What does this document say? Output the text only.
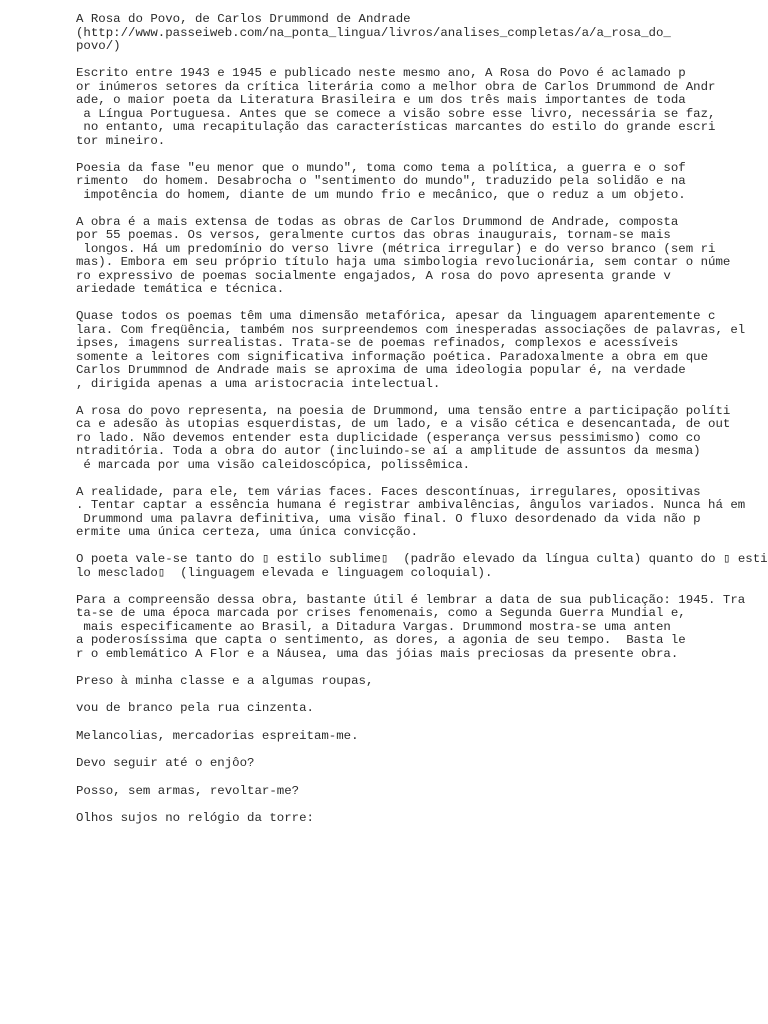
A Rosa do Povo, de Carlos Drummond de Andrade
(http://www.passeiweb.com/na_ponta_lingua/livros/analises_completas/a/a_rosa_do_
povo/)
Escrito entre 1943 e 1945 e publicado neste mesmo ano, A Rosa do Povo é aclamado p
or inúmeros setores da crítica literária como a melhor obra de Carlos Drummond de Andr
ade, o maior poeta da Literatura Brasileira e um dos três mais importantes de toda
a Língua Portuguesa. Antes que se comece a visão sobre esse livro, necessária se faz,
no entanto, uma recapitulação das características marcantes do estilo do grande escri
tor mineiro.
Poesia da fase "eu menor que o mundo", toma como tema a política, a guerra e o sof
rimento  do homem. Desabrocha o "sentimento do mundo", traduzido pela solidão e na
impotência do homem, diante de um mundo frio e mecânico, que o reduz a um objeto.
A obra é a mais extensa de todas as obras de Carlos Drummond de Andrade, composta
por 55 poemas. Os versos, geralmente curtos das obras inaugurais, tornam-se mais
longos. Há um predomínio do verso livre (métrica irregular) e do verso branco (sem ri
mas). Embora em seu próprio título haja uma simbologia revolucionária, sem contar o núme
ro expressivo de poemas socialmente engajados, A rosa do povo apresenta grande v
ariedade temática e técnica.
Quase todos os poemas têm uma dimensão metafórica, apesar da linguagem aparentemente c
lara. Com freqüência, também nos surpreendemos com inesperadas associações de palavras, el
ipses, imagens surrealistas. Trata-se de poemas refinados, complexos e acessíveis
somente a leitores com significativa informação poética. Paradoxalmente a obra em que
Carlos Drummnod de Andrade mais se aproxima de uma ideologia popular é, na verdade
, dirigida apenas a uma aristocracia intelectual.
A rosa do povo representa, na poesia de Drummond, uma tensão entre a participação políti
ca e adesão às utopias esquerdistas, de um lado, e a visão cética e desencantada, de out
ro lado. Não devemos entender esta duplicidade (esperança versus pessimismo) como co
ntraditória. Toda a obra do autor (incluindo-se aí a amplitude de assuntos da mesma)
é marcada por uma visão caleidoscópica, polissêmica.
A realidade, para ele, tem várias faces. Faces descontínuas, irregulares, opositivas
. Tentar captar a essência humana é registrar ambivalências, ângulos variados. Nunca há em
Drummond uma palavra definitiva, uma visão final. O fluxo desordenado da vida não p
ermite uma única certeza, uma única convicção.
O poeta vale-se tanto do ▯ estilo sublime▯  (padrão elevado da língua culta) quanto do ▯ esti
lo mesclado▯  (linguagem elevada e linguagem coloquial).
Para a compreensão dessa obra, bastante útil é lembrar a data de sua publicação: 1945. Tra
ta-se de uma época marcada por crises fenomenais, como a Segunda Guerra Mundial e,
mais especificamente ao Brasil, a Ditadura Vargas. Drummond mostra-se uma anten
a poderosíssima que capta o sentimento, as dores, a agonia de seu tempo.  Basta le
r o emblemático A Flor e a Náusea, uma das jóias mais preciosas da presente obra.
Preso à minha classe e a algumas roupas,
vou de branco pela rua cinzenta.
Melancolias, mercadorias espreitam-me.
Devo seguir até o enjôo?
Posso, sem armas, revoltar-me?
Olhos sujos no relógio da torre:
